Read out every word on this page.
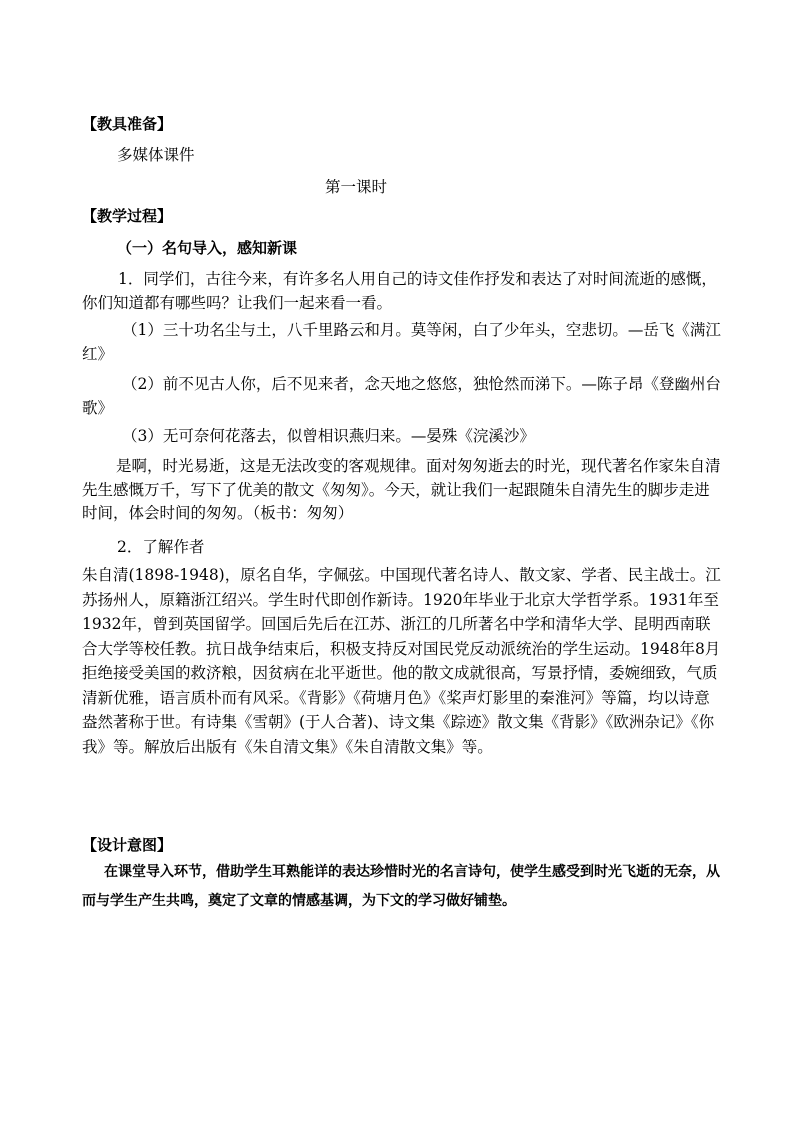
【教具准备】
多媒体课件
第一课时
【教学过程】
（一）名句导入，感知新课
1．同学们，古往今来，有许多名人用自己的诗文佳作抒发和表达了对时间流逝的感慨，你们知道都有哪些吗？让我们一起来看一看。
（1）三十功名尘与土，八千里路云和月。莫等闲，白了少年头，空悲切。—岳飞《满江红》
（2）前不见古人你，后不见来者，念天地之悠悠，独怆然而涕下。—陈子昂《登幽州台歌》
（3）无可奈何花落去，似曾相识燕归来。—晏殊《浣溪沙》
是啊，时光易逝，这是无法改变的客观规律。面对匆匆逝去的时光，现代著名作家朱自清先生感慨万千，写下了优美的散文《匆匆》。今天，就让我们一起跟随朱自清先生的脚步走进时间，体会时间的匆匆。（板书：匆匆）
2．了解作者
朱自清(1898-1948)，原名自华，字佩弦。中国现代著名诗人、散文家、学者、民主战士。江苏扬州人，原籍浙江绍兴。学生时代即创作新诗。1920年毕业于北京大学哲学系。1931年至1932年，曾到英国留学。回国后先后在江苏、浙江的几所著名中学和清华大学、昆明西南联合大学等校任教。抗日战争结束后，积极支持反对国民党反动派统治的学生运动。1948年8月拒绝接受美国的救济粮，因贫病在北平逝世。他的散文成就很高，写景抒情，委婉细致，气质清新优雅，语言质朴而有风采。《背影》《荷塘月色》《桨声灯影里的秦淮河》等篇，均以诗意盎然著称于世。有诗集《雪朝》(于人合著)、诗文集《踪迹》散文集《背影》《欧洲杂记》《你我》等。解放后出版有《朱自清文集》《朱自清散文集》等。
【设计意图】
在课堂导入环节，借助学生耳熟能详的表达珍惜时光的名言诗句，使学生感受到时光飞逝的无奈，从而与学生产生共鸣，奠定了文章的情感基调，为下文的学习做好铺垫。
